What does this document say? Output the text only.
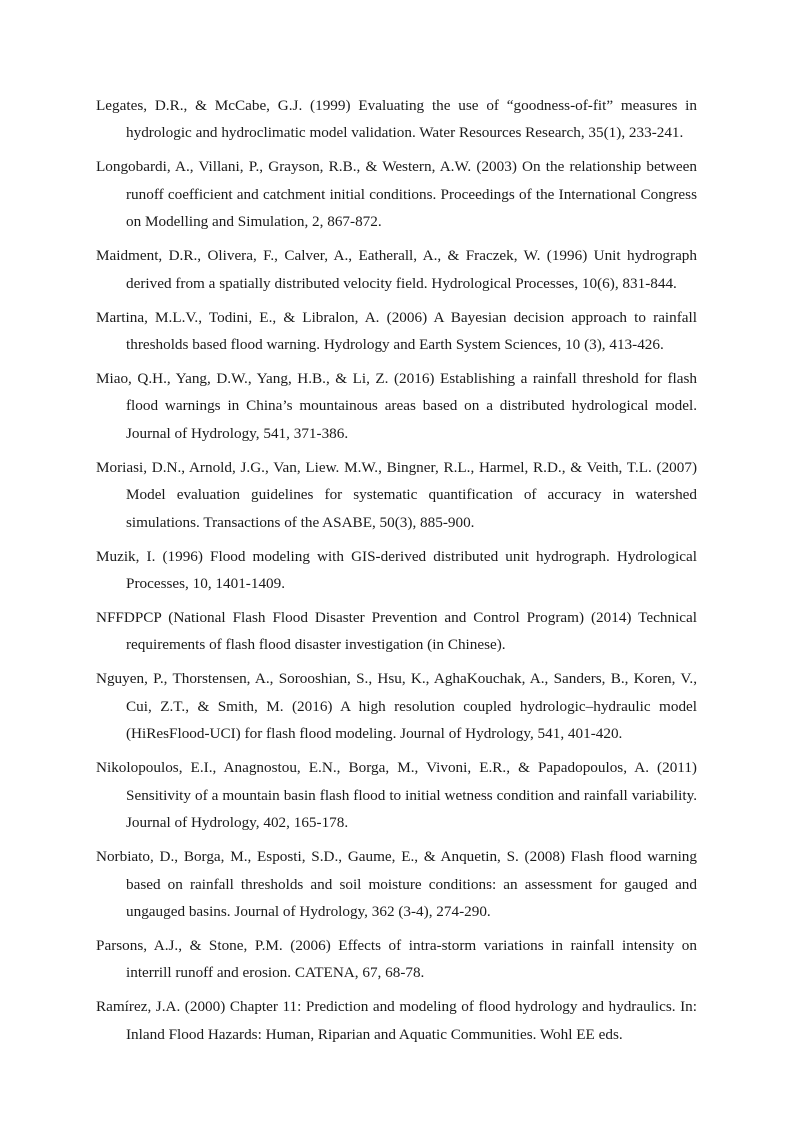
Legates, D.R., & McCabe, G.J. (1999) Evaluating the use of “goodness-of-fit” measures in hydrologic and hydroclimatic model validation. Water Resources Research, 35(1), 233-241.

Longobardi, A., Villani, P., Grayson, R.B., & Western, A.W. (2003) On the relationship between runoff coefficient and catchment initial conditions. Proceedings of the International Congress on Modelling and Simulation, 2, 867-872.

Maidment, D.R., Olivera, F., Calver, A., Eatherall, A., & Fraczek, W. (1996) Unit hydrograph derived from a spatially distributed velocity field. Hydrological Processes, 10(6), 831-844.

Martina, M.L.V., Todini, E., & Libralon, A. (2006) A Bayesian decision approach to rainfall thresholds based flood warning. Hydrology and Earth System Sciences, 10 (3), 413-426.

Miao, Q.H., Yang, D.W., Yang, H.B., & Li, Z. (2016) Establishing a rainfall threshold for flash flood warnings in China’s mountainous areas based on a distributed hydrological model. Journal of Hydrology, 541, 371-386.

Moriasi, D.N., Arnold, J.G., Van, Liew. M.W., Bingner, R.L., Harmel, R.D., & Veith, T.L. (2007) Model evaluation guidelines for systematic quantification of accuracy in watershed simulations. Transactions of the ASABE, 50(3), 885-900.

Muzik, I. (1996) Flood modeling with GIS-derived distributed unit hydrograph. Hydrological Processes, 10, 1401-1409.

NFFDPCP (National Flash Flood Disaster Prevention and Control Program) (2014) Technical requirements of flash flood disaster investigation (in Chinese).

Nguyen, P., Thorstensen, A., Sorooshian, S., Hsu, K., AghaKouchak, A., Sanders, B., Koren, V., Cui, Z.T., & Smith, M. (2016) A high resolution coupled hydrologic–hydraulic model (HiResFlood-UCI) for flash flood modeling. Journal of Hydrology, 541, 401-420.

Nikolopoulos, E.I., Anagnostou, E.N., Borga, M., Vivoni, E.R., & Papadopoulos, A. (2011) Sensitivity of a mountain basin flash flood to initial wetness condition and rainfall variability. Journal of Hydrology, 402, 165-178.

Norbiato, D., Borga, M., Esposti, S.D., Gaume, E., & Anquetin, S. (2008) Flash flood warning based on rainfall thresholds and soil moisture conditions: an assessment for gauged and ungauged basins. Journal of Hydrology, 362 (3-4), 274-290.

Parsons, A.J., & Stone, P.M. (2006) Effects of intra-storm variations in rainfall intensity on interrill runoff and erosion. CATENA, 67, 68-78.

Ramírez, J.A. (2000) Chapter 11: Prediction and modeling of flood hydrology and hydraulics. In: Inland Flood Hazards: Human, Riparian and Aquatic Communities. Wohl EE eds.
